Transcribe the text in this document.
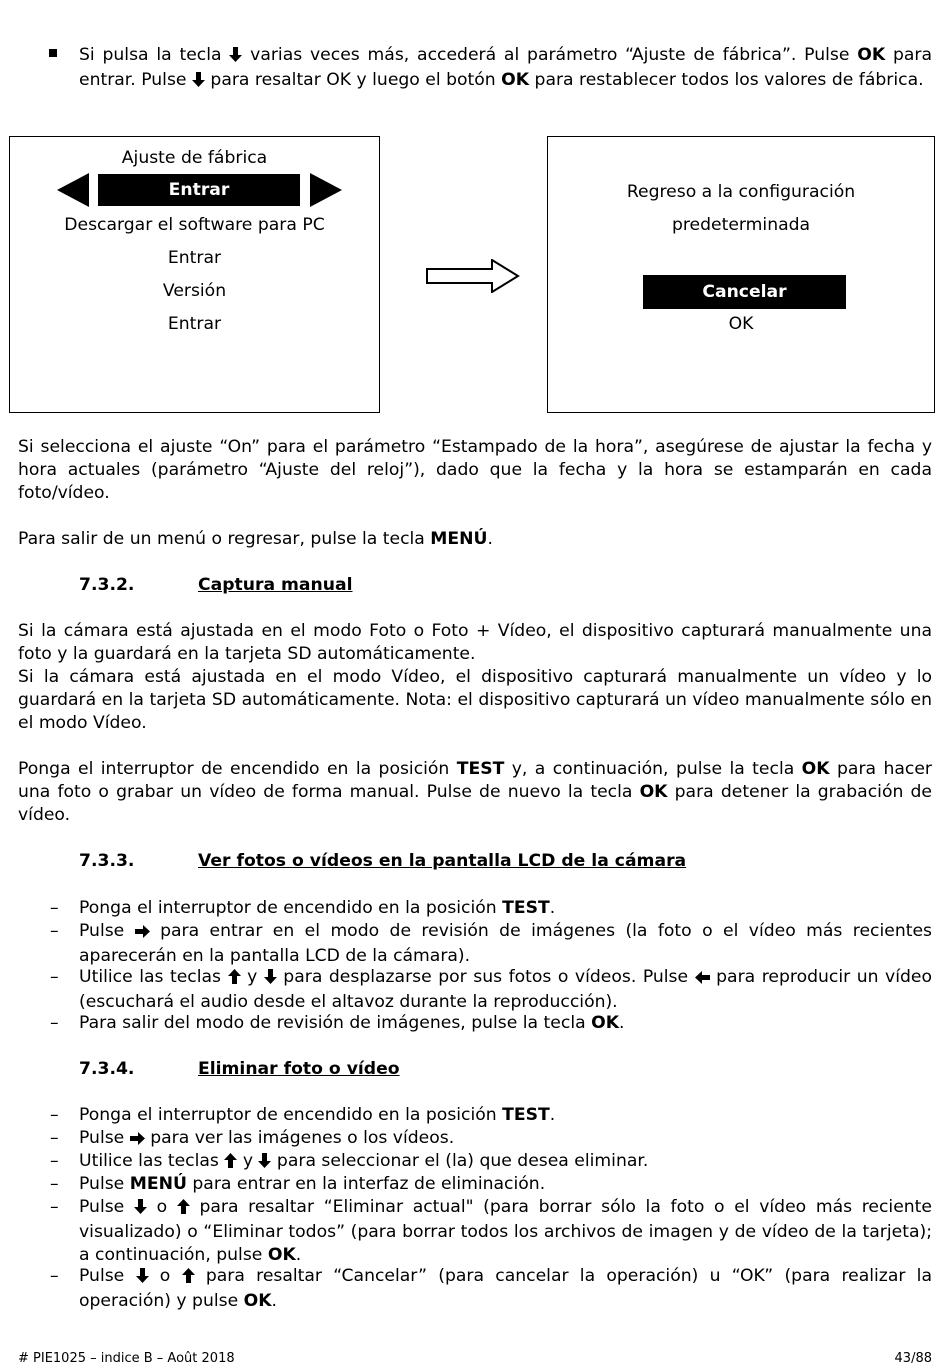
Si pulsa la tecla  varias veces más, accederá al parámetro “Ajuste de fábrica”. Pulse OK para entrar. Pulse  para resaltar OK y luego el botón OK para restablecer todos los valores de fábrica.
Ajuste de fábrica
Entrar
Descargar el software para PC
Entrar
Versión
Entrar
Regreso a la configuración
predeterminada
Cancelar
OK
Si selecciona el ajuste “On” para el parámetro “Estampado de la hora”, asegúrese de ajustar la fecha y hora actuales (parámetro “Ajuste del reloj”), dado que la fecha y la hora se estamparán en cada foto/vídeo.
Para salir de un menú o regresar, pulse la tecla MENÚ.
7.3.2.	Captura manual
Si la cámara está ajustada en el modo Foto o Foto + Vídeo, el dispositivo capturará manualmente una foto y la guardará en la tarjeta SD automáticamente.
Si la cámara está ajustada en el modo Vídeo, el dispositivo capturará manualmente un vídeo y lo guardará en la tarjeta SD automáticamente. Nota: el dispositivo capturará un vídeo manualmente sólo en el modo Vídeo.
Ponga el interruptor de encendido en la posición TEST y, a continuación, pulse la tecla OK para hacer una foto o grabar un vídeo de forma manual. Pulse de nuevo la tecla OK para detener la grabación de vídeo.
7.3.3.	Ver fotos o vídeos en la pantalla LCD de la cámara
–	Ponga el interruptor de encendido en la posición TEST.
–	Pulse  para entrar en el modo de revisión de imágenes (la foto o el vídeo más recientes aparecerán en la pantalla LCD de la cámara).
–	Utilice las teclas  y  para desplazarse por sus fotos o vídeos. Pulse  para reproducir un vídeo (escuchará el audio desde el altavoz durante la reproducción).
–	Para salir del modo de revisión de imágenes, pulse la tecla OK.
7.3.4.	Eliminar foto o vídeo
–	Ponga el interruptor de encendido en la posición TEST.
–	Pulse  para ver las imágenes o los vídeos.
–	Utilice las teclas  y  para seleccionar el (la) que desea eliminar.
–	Pulse MENÚ para entrar en la interfaz de eliminación.
–	Pulse  o  para resaltar “Eliminar actual" (para borrar sólo la foto o el vídeo más reciente visualizado) o “Eliminar todos” (para borrar todos los archivos de imagen y de vídeo de la tarjeta); a continuación, pulse OK.
–	Pulse  o  para resaltar “Cancelar” (para cancelar la operación) u “OK” (para realizar la operación) y pulse OK.
# PIE1025 – indice B – Août 2018	43/88
